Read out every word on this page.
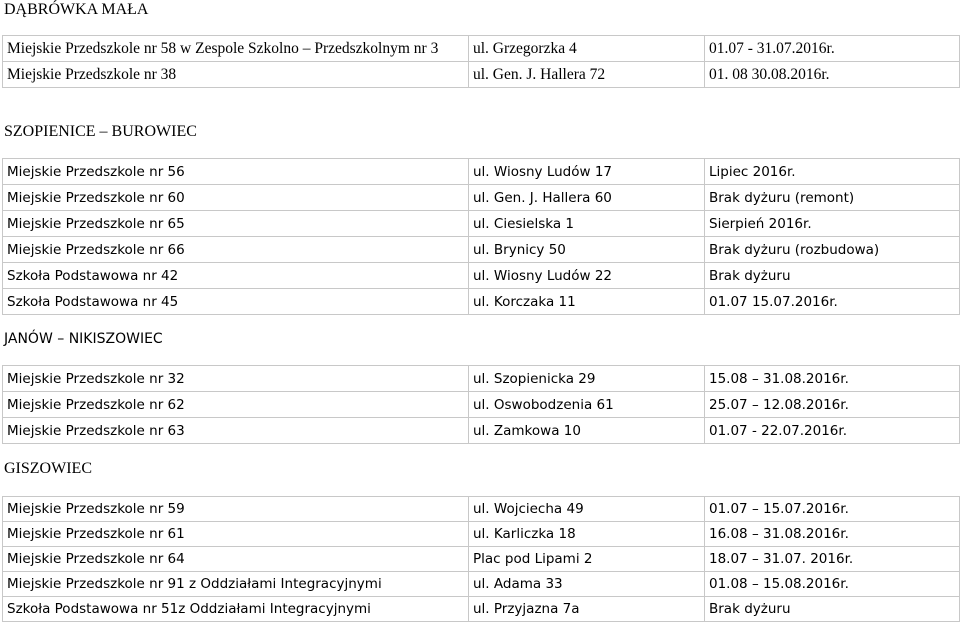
DĄBRÓWKA MAŁA
Miejskie Przedszkole nr 58 w Zespole Szkolno – Przedszkolnym nr 3	ul. Grzegorzka 4	01.07 - 31.07.2016r.
Miejskie Przedszkole nr 38	ul. Gen. J. Hallera 72	01. 08 30.08.2016r.
SZOPIENICE – BUROWIEC
Miejskie Przedszkole nr 56	ul. Wiosny Ludów 17	Lipiec 2016r.
Miejskie Przedszkole nr 60	ul. Gen. J. Hallera 60	Brak dyżuru (remont)
Miejskie Przedszkole nr 65	ul. Ciesielska 1	Sierpień 2016r.
Miejskie Przedszkole nr 66	ul. Brynicy 50	Brak dyżuru (rozbudowa)
Szkoła Podstawowa nr 42	ul. Wiosny Ludów 22	Brak dyżuru
Szkoła Podstawowa nr 45	ul. Korczaka 11	01.07 15.07.2016r.
JANÓW – NIKISZOWIEC
Miejskie Przedszkole nr 32	ul. Szopienicka 29	15.08 – 31.08.2016r.
Miejskie Przedszkole nr 62	ul. Oswobodzenia 61	25.07 – 12.08.2016r.
Miejskie Przedszkole nr 63	ul. Zamkowa 10	01.07 - 22.07.2016r.
GISZOWIEC
Miejskie Przedszkole nr 59	ul. Wojciecha 49	01.07 – 15.07.2016r.
Miejskie Przedszkole nr 61	ul. Karliczka 18	16.08 – 31.08.2016r.
Miejskie Przedszkole nr 64	Plac pod Lipami 2	18.07 – 31.07. 2016r.
Miejskie Przedszkole nr 91 z Oddziałami Integracyjnymi	ul. Adama 33	01.08 – 15.08.2016r.
Szkoła Podstawowa nr 51z Oddziałami Integracyjnymi	ul. Przyjazna 7a	Brak dyżuru
